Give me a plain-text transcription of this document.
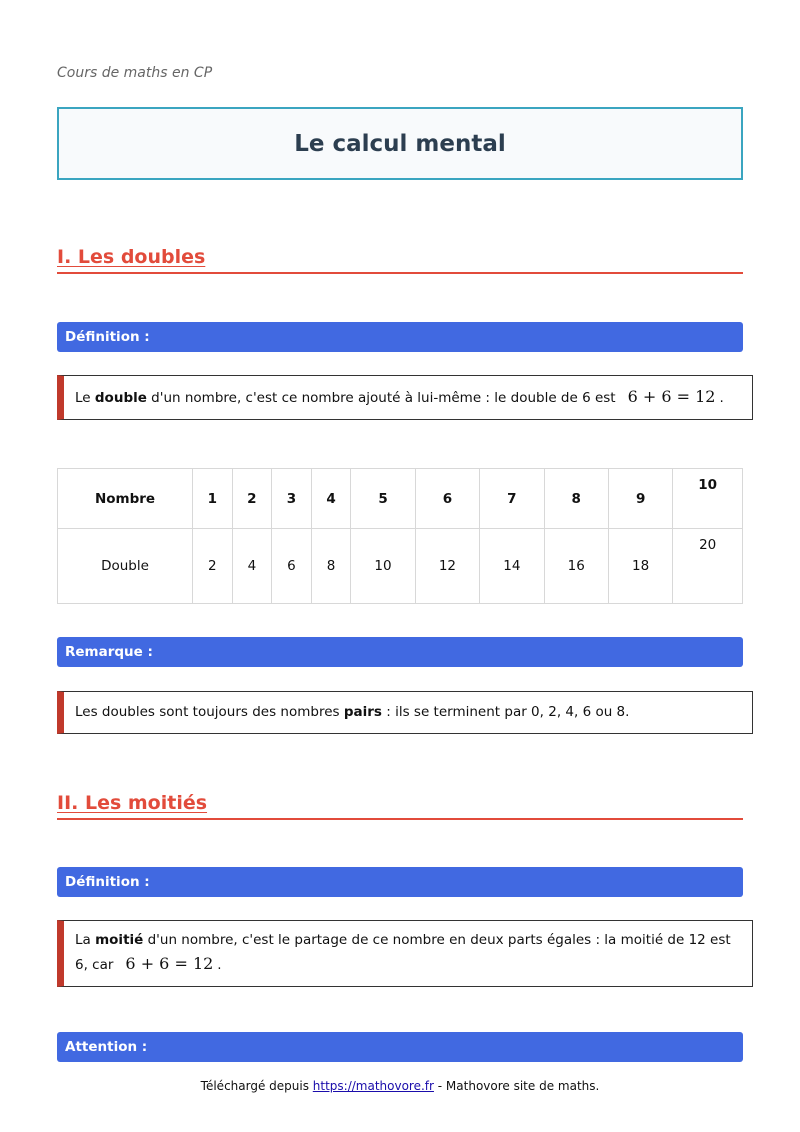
Cours de maths en CP
Le calcul mental
I. Les doubles
Définition :
Le double d'un nombre, c'est ce nombre ajouté à lui-même : le double de 6 est 6 + 6 = 12 .
Nombre	1	2	3	4	5	6	7	8	9	10
Double	2	4	6	8	10	12	14	16	18	20
Remarque :
Les doubles sont toujours des nombres pairs : ils se terminent par 0, 2, 4, 6 ou 8.
II. Les moitiés
Définition :
La moitié d'un nombre, c'est le partage de ce nombre en deux parts égales : la moitié de 12 est 6, car 6 + 6 = 12 .
Attention :
Téléchargé depuis https://mathovore.fr - Mathovore site de maths.
